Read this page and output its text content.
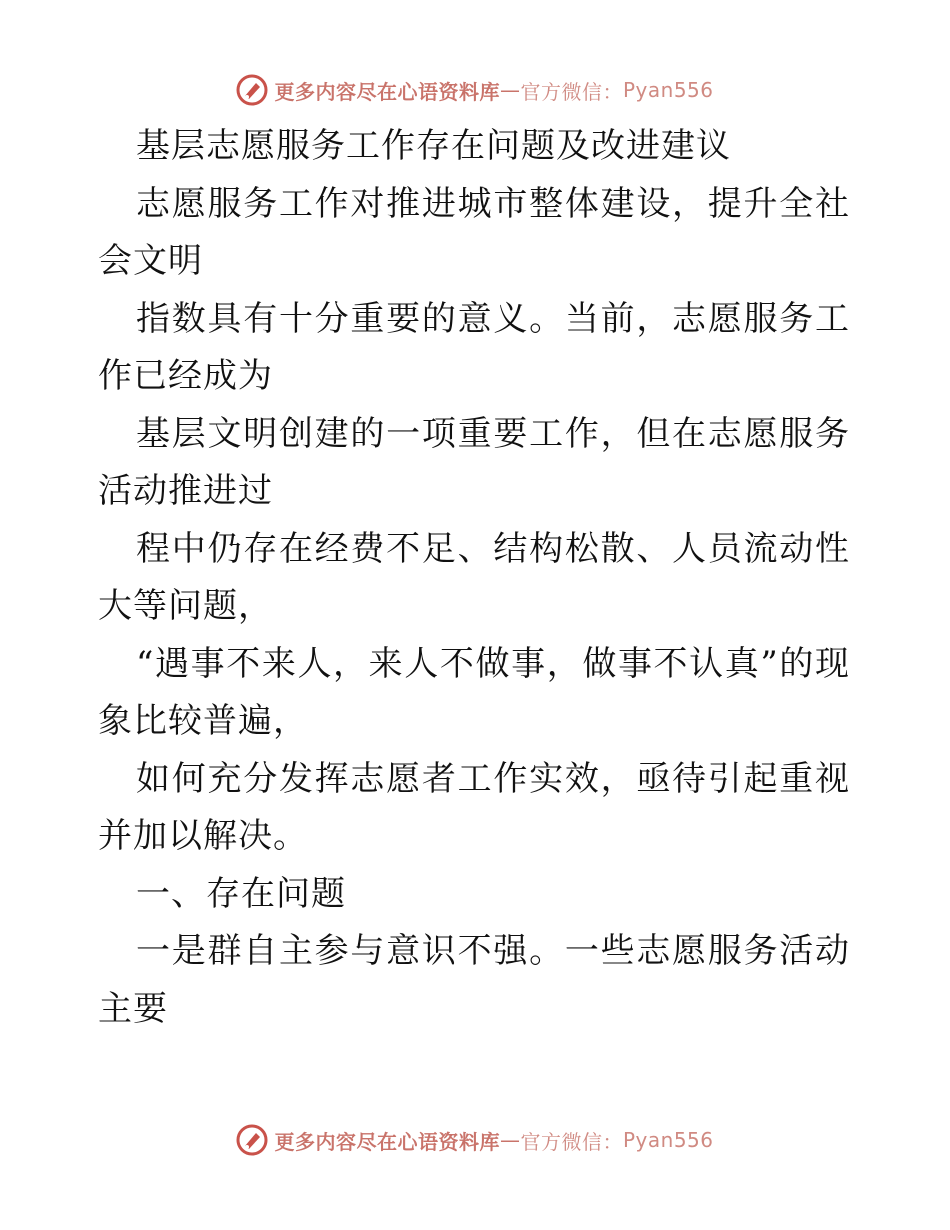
更多内容尽在心语资料库 — 官方微信： Pyan556

基层志愿服务工作存在问题及改进建议

志愿服务工作对推进城市整体建设，提升全社会文明

指数具有十分重要的意义。当前，志愿服务工作已经成为

基层文明创建的一项重要工作，但在志愿服务活动推进过

程中仍存在经费不足、结构松散、人员流动性大等问题，

“遇事不来人，来人不做事，做事不认真”的现象比较普遍，

如何充分发挥志愿者工作实效，亟待引起重视并加以解决。

一、存在问题

一是群自主参与意识不强。一些志愿服务活动主要

更多内容尽在心语资料库 — 官方微信： Pyan556
